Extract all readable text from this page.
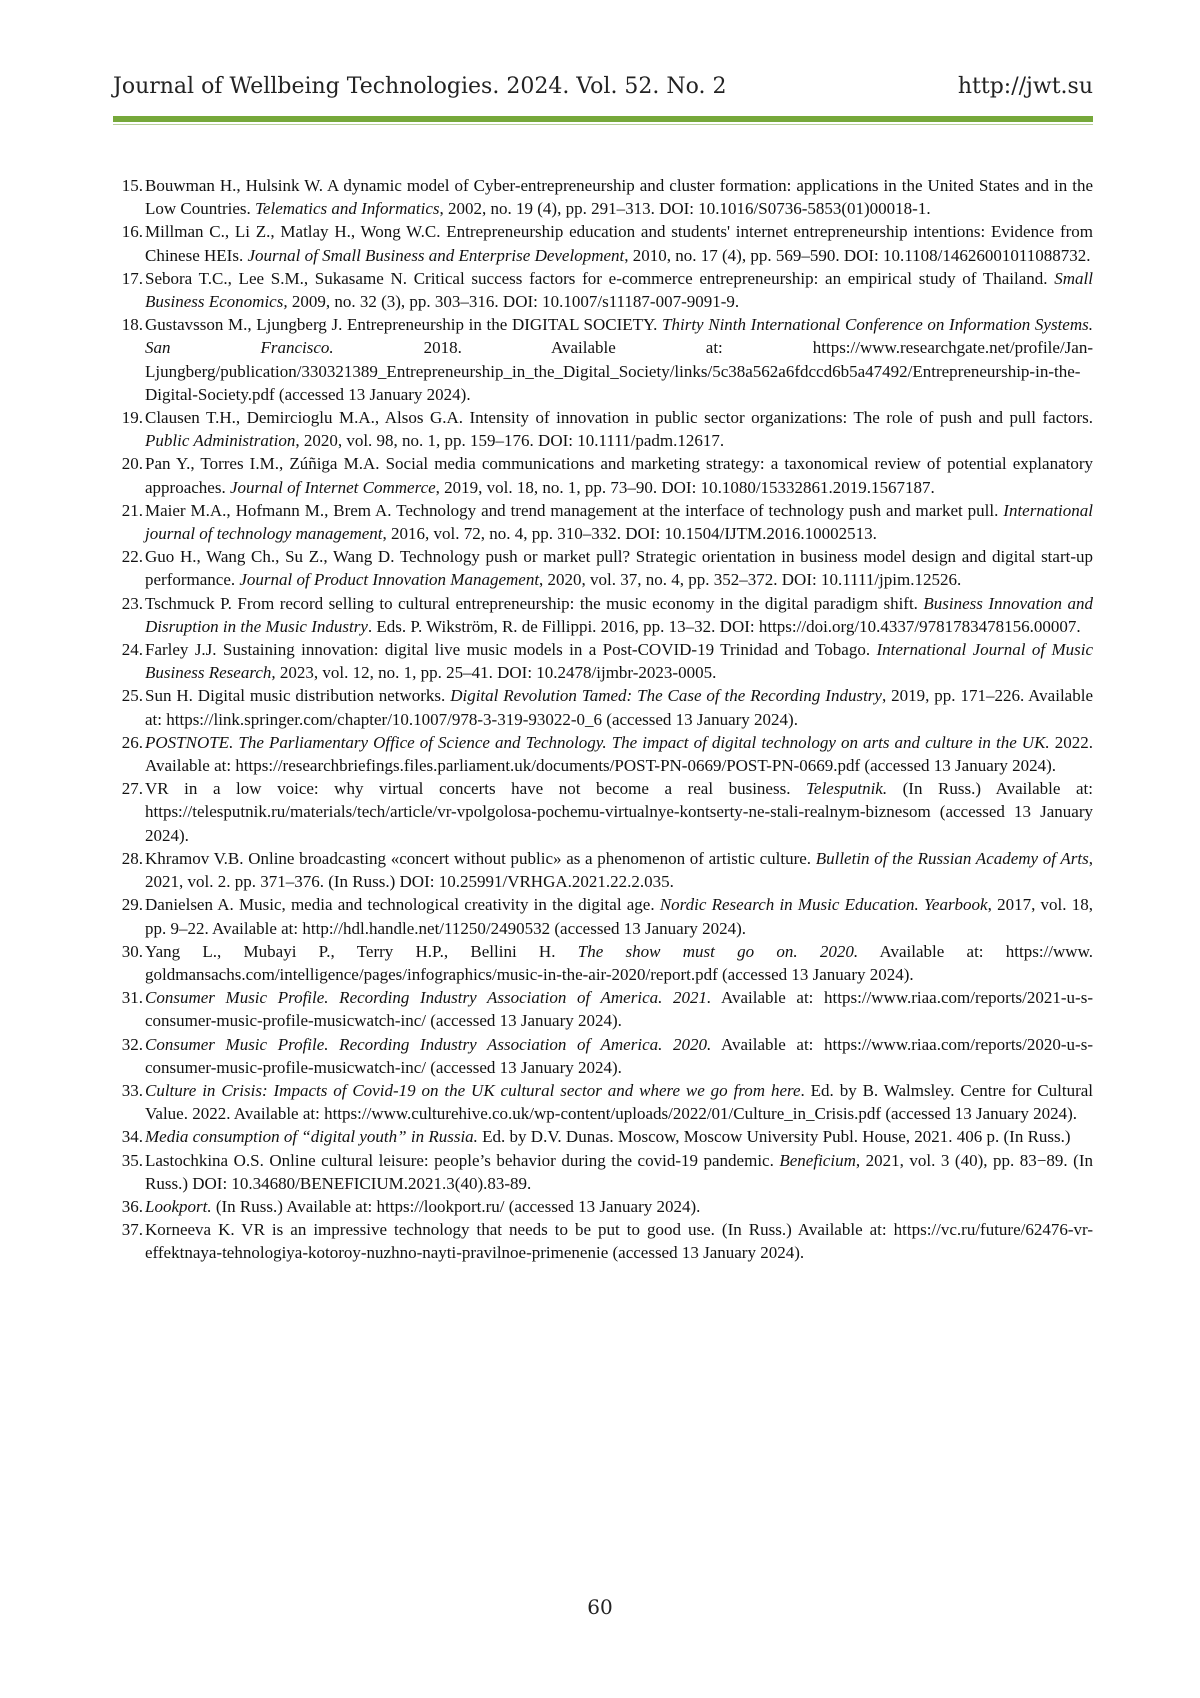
Journal of Wellbeing Technologies. 2024. Vol. 52. No. 2	http://jwt.su
15. Bouwman H., Hulsink W. A dynamic model of Cyber-entrepreneurship and cluster formation: applications in the United States and in the Low Countries. Telematics and Informatics, 2002, no. 19 (4), pp. 291–313. DOI: 10.1016/S0736-5853(01)00018-1.
16. Millman C., Li Z., Matlay H., Wong W.C. Entrepreneurship education and students' internet entrepreneurship intentions: Evidence from Chinese HEIs. Journal of Small Business and Enterprise Development, 2010, no. 17 (4), pp. 569–590. DOI: 10.1108/14626001011088732.
17. Sebora T.C., Lee S.M., Sukasame N. Critical success factors for e-commerce entrepreneurship: an empirical study of Thailand. Small Business Economics, 2009, no. 32 (3), pp. 303–316. DOI: 10.1007/s11187-007-9091-9.
18. Gustavsson M., Ljungberg J. Entrepreneurship in the DIGITAL SOCIETY. Thirty Ninth International Conference on Information Systems. San Francisco. 2018. Available at: https://www.researchgate.net/profile/Jan-Ljungberg/publication/330321389_Entrepreneurship_in_the_Digital_Society/links/5c38a562a6fdccd6b5a47492/Entrepreneurship-in-the-Digital-Society.pdf (accessed 13 January 2024).
19. Clausen T.H., Demircioglu M.A., Alsos G.A. Intensity of innovation in public sector organizations: The role of push and pull factors. Public Administration, 2020, vol. 98, no. 1, pp. 159–176. DOI: 10.1111/padm.12617.
20. Pan Y., Torres I.M., Zúñiga M.A. Social media communications and marketing strategy: a taxonomical review of potential explanatory approaches. Journal of Internet Commerce, 2019, vol. 18, no. 1, pp. 73–90. DOI: 10.1080/15332861.2019.1567187.
21. Maier M.A., Hofmann M., Brem A. Technology and trend management at the interface of technology push and market pull. International journal of technology management, 2016, vol. 72, no. 4, pp. 310–332. DOI: 10.1504/IJTM.2016.10002513.
22. Guo H., Wang Ch., Su Z., Wang D. Technology push or market pull? Strategic orientation in business model design and digital start-up performance. Journal of Product Innovation Management, 2020, vol. 37, no. 4, pp. 352–372. DOI: 10.1111/jpim.12526.
23. Tschmuck P. From record selling to cultural entrepreneurship: the music economy in the digital paradigm shift. Business Innovation and Disruption in the Music Industry. Eds. P. Wikström, R. de Fillippi. 2016, pp. 13–32. DOI: https://doi.org/10.4337/9781783478156.00007.
24. Farley J.J. Sustaining innovation: digital live music models in a Post-COVID-19 Trinidad and Tobago. International Journal of Music Business Research, 2023, vol. 12, no. 1, pp. 25–41. DOI: 10.2478/ijmbr-2023-0005.
25. Sun H. Digital music distribution networks. Digital Revolution Tamed: The Case of the Recording Industry, 2019, pp. 171–226. Available at: https://link.springer.com/chapter/10.1007/978-3-319-93022-0_6 (accessed 13 January 2024).
26. POSTNOTE. The Parliamentary Office of Science and Technology. The impact of digital technology on arts and culture in the UK. 2022. Available at: https://researchbriefings.files.parliament.uk/documents/POST-PN-0669/POST-PN-0669.pdf (accessed 13 January 2024).
27. VR in a low voice: why virtual concerts have not become a real business. Telesputnik. (In Russ.) Available at: https://telesputnik.ru/materials/tech/article/vr-vpolgolosa-pochemu-virtualnye-kontserty-ne-stali-realnym-biznesom (accessed 13 January 2024).
28. Khramov V.B. Online broadcasting «concert without public» as a phenomenon of artistic culture. Bulletin of the Russian Academy of Arts, 2021, vol. 2. pp. 371–376. (In Russ.) DOI: 10.25991/VRHGA.2021.22.2.035.
29. Danielsen A. Music, media and technological creativity in the digital age. Nordic Research in Music Education. Yearbook, 2017, vol. 18, pp. 9–22. Available at: http://hdl.handle.net/11250/2490532 (accessed 13 January 2024).
30. Yang L., Mubayi P., Terry H.P., Bellini H. The show must go on. 2020. Available at: https://www. goldmansachs.com/intelligence/pages/infographics/music-in-the-air-2020/report.pdf (accessed 13 January 2024).
31. Consumer Music Profile. Recording Industry Association of America. 2021. Available at: https://www.riaa.com/reports/2021-u-s-consumer-music-profile-musicwatch-inc/ (accessed 13 January 2024).
32. Consumer Music Profile. Recording Industry Association of America. 2020. Available at: https://www.riaa.com/reports/2020-u-s-consumer-music-profile-musicwatch-inc/ (accessed 13 January 2024).
33. Culture in Crisis: Impacts of Covid-19 on the UK cultural sector and where we go from here. Ed. by B. Walmsley. Centre for Cultural Value. 2022. Available at: https://www.culturehive.co.uk/wp-content/uploads/2022/01/Culture_in_Crisis.pdf (accessed 13 January 2024).
34. Media consumption of “digital youth” in Russia. Ed. by D.V. Dunas. Moscow, Moscow University Publ. House, 2021. 406 p. (In Russ.)
35. Lastochkina O.S. Online cultural leisure: people’s behavior during the covid-19 pandemic. Beneficium, 2021, vol. 3 (40), pp. 83−89. (In Russ.) DOI: 10.34680/BENEFICIUM.2021.3(40).83-89.
36. Lookport. (In Russ.) Available at: https://lookport.ru/ (accessed 13 January 2024).
37. Korneeva K. VR is an impressive technology that needs to be put to good use. (In Russ.) Available at: https://vc.ru/future/62476-vr-effektnaya-tehnologiya-kotoroy-nuzhno-nayti-pravilnoe-primenenie (accessed 13 January 2024).
60
